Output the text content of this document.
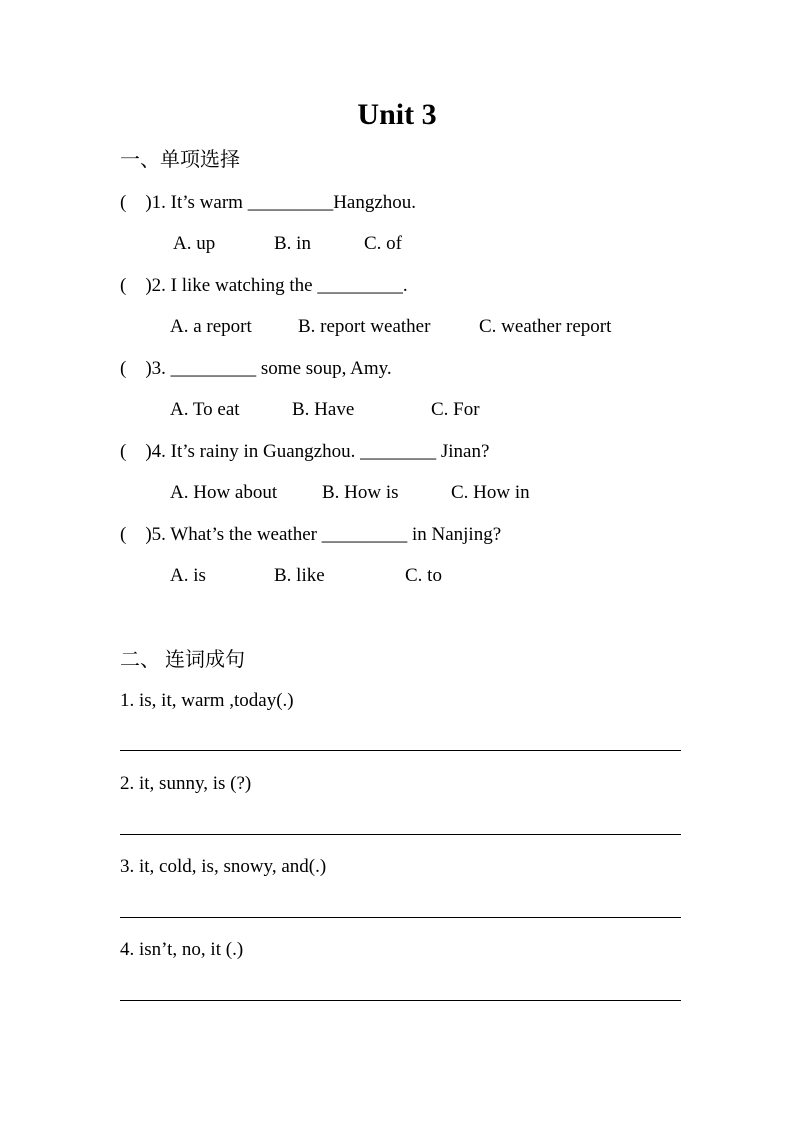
Unit 3
一、单项选择
(    )1. It’s warm _________Hangzhou.
A. up	B. in	C. of
(    )2. I like watching the _________.
A. a report B. report weather	C. weather report
(    )3. _________ some soup, Amy.
A. To eat	B. Have	C. For
(    )4. It’s rainy in Guangzhou. ________ Jinan?
A. How about B. How is	C. How in
(    )5. What’s the weather _________ in Nanjing?
A. is	B. like	C. to
二、 连词成句
1. is, it, warm ,today(.)
2. it, sunny, is (?)
3. it, cold, is, snowy, and(.)
4. isn’t, no, it (.)
